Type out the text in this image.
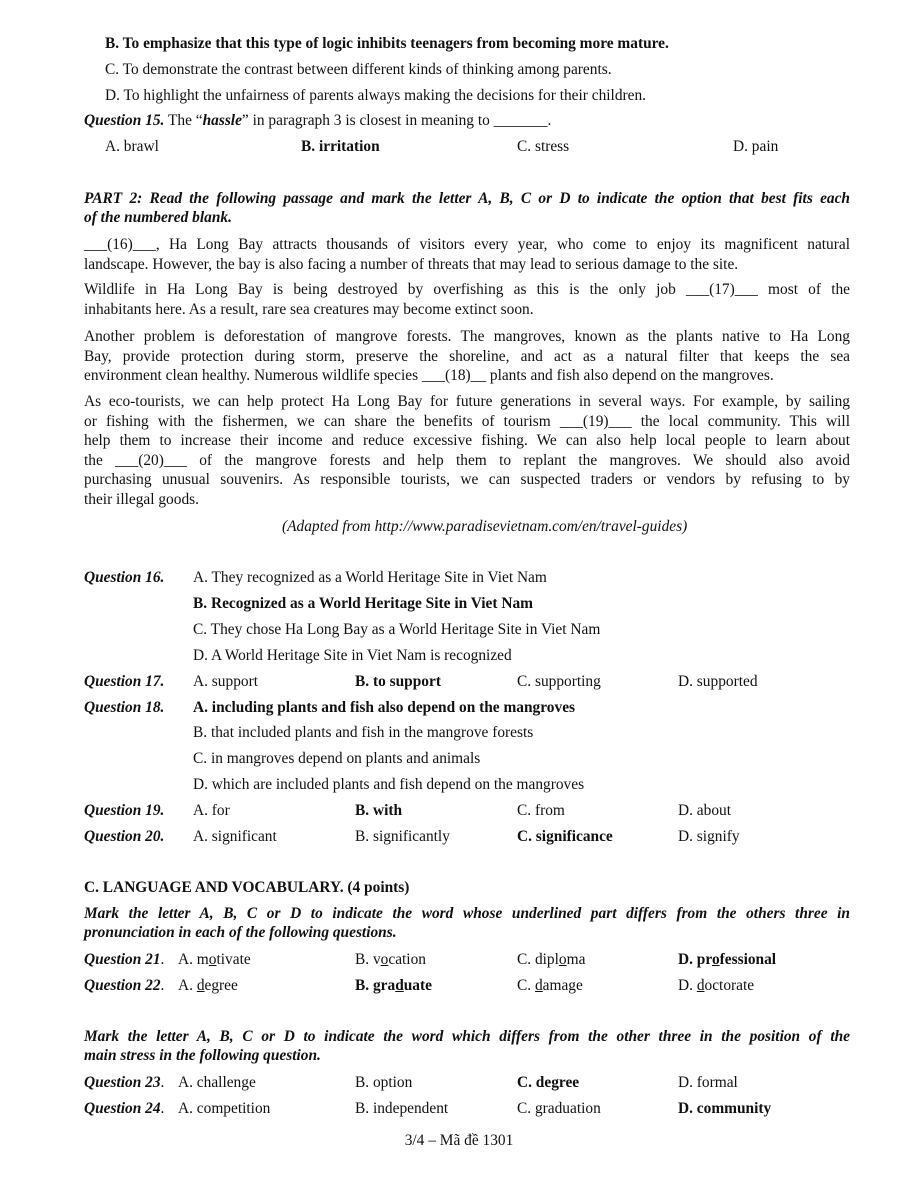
B. To emphasize that this type of logic inhibits teenagers from becoming more mature.
C. To demonstrate the contrast between different kinds of thinking among parents.
D. To highlight the unfairness of parents always making the decisions for their children.
Question 15. The “hassle” in paragraph 3 is closest in meaning to _______.
A. brawl	B. irritation	C. stress	D. pain
PART 2: Read the following passage and mark the letter A, B, C or D to indicate the option that best fits each
of the numbered blank.
___(16)___, Ha Long Bay attracts thousands of visitors every year, who come to enjoy its magnificent natural
landscape. However, the bay is also facing a number of threats that may lead to serious damage to the site.
Wildlife in Ha Long Bay is being destroyed by overfishing as this is the only job ___(17)___ most of the
inhabitants here. As a result, rare sea creatures may become extinct soon.
Another problem is deforestation of mangrove forests. The mangroves, known as the plants native to Ha Long
Bay, provide protection during storm, preserve the shoreline, and act as a natural filter that keeps the sea
environment clean healthy. Numerous wildlife species ___(18)__ plants and fish also depend on the mangroves.
As eco-tourists, we can help protect Ha Long Bay for future generations in several ways. For example, by sailing
or fishing with the fishermen, we can share the benefits of tourism ___(19)___ the local community. This will
help them to increase their income and reduce excessive fishing. We can also help local people to learn about
the ___(20)___ of the mangrove forests and help them to replant the mangroves. We should also avoid
purchasing unusual souvenirs. As responsible tourists, we can suspected traders or vendors by refusing to by
their illegal goods.
(Adapted from http://www.paradisevietnam.com/en/travel-guides)
Question 16. A. They recognized as a World Heritage Site in Viet Nam
B. Recognized as a World Heritage Site in Viet Nam
C. They chose Ha Long Bay as a World Heritage Site in Viet Nam
D. A World Heritage Site in Viet Nam is recognized
Question 17. A. support	B. to support	C. supporting	D. supported
Question 18. A. including plants and fish also depend on the mangroves
B. that included plants and fish in the mangrove forests
C. in mangroves depend on plants and animals
D. which are included plants and fish depend on the mangroves
Question 19. A. for	B. with	C. from	D. about
Question 20. A. significant	B. significantly	C. significance	D. signify
C. LANGUAGE AND VOCABULARY. (4 points)
Mark the letter A, B, C or D to indicate the word whose underlined part differs from the others three in
pronunciation in each of the following questions.
Question 21. A. motivate	B. vocation	C. diploma	D. professional
Question 22. A. degree	B. graduate	C. damage	D. doctorate
Mark the letter A, B, C or D to indicate the word which differs from the other three in the position of the
main stress in the following question.
Question 23. A. challenge	B. option	C. degree	D. formal
Question 24. A. competition	B. independent	C. graduation	D. community
3/4 – Mã đề 1301
